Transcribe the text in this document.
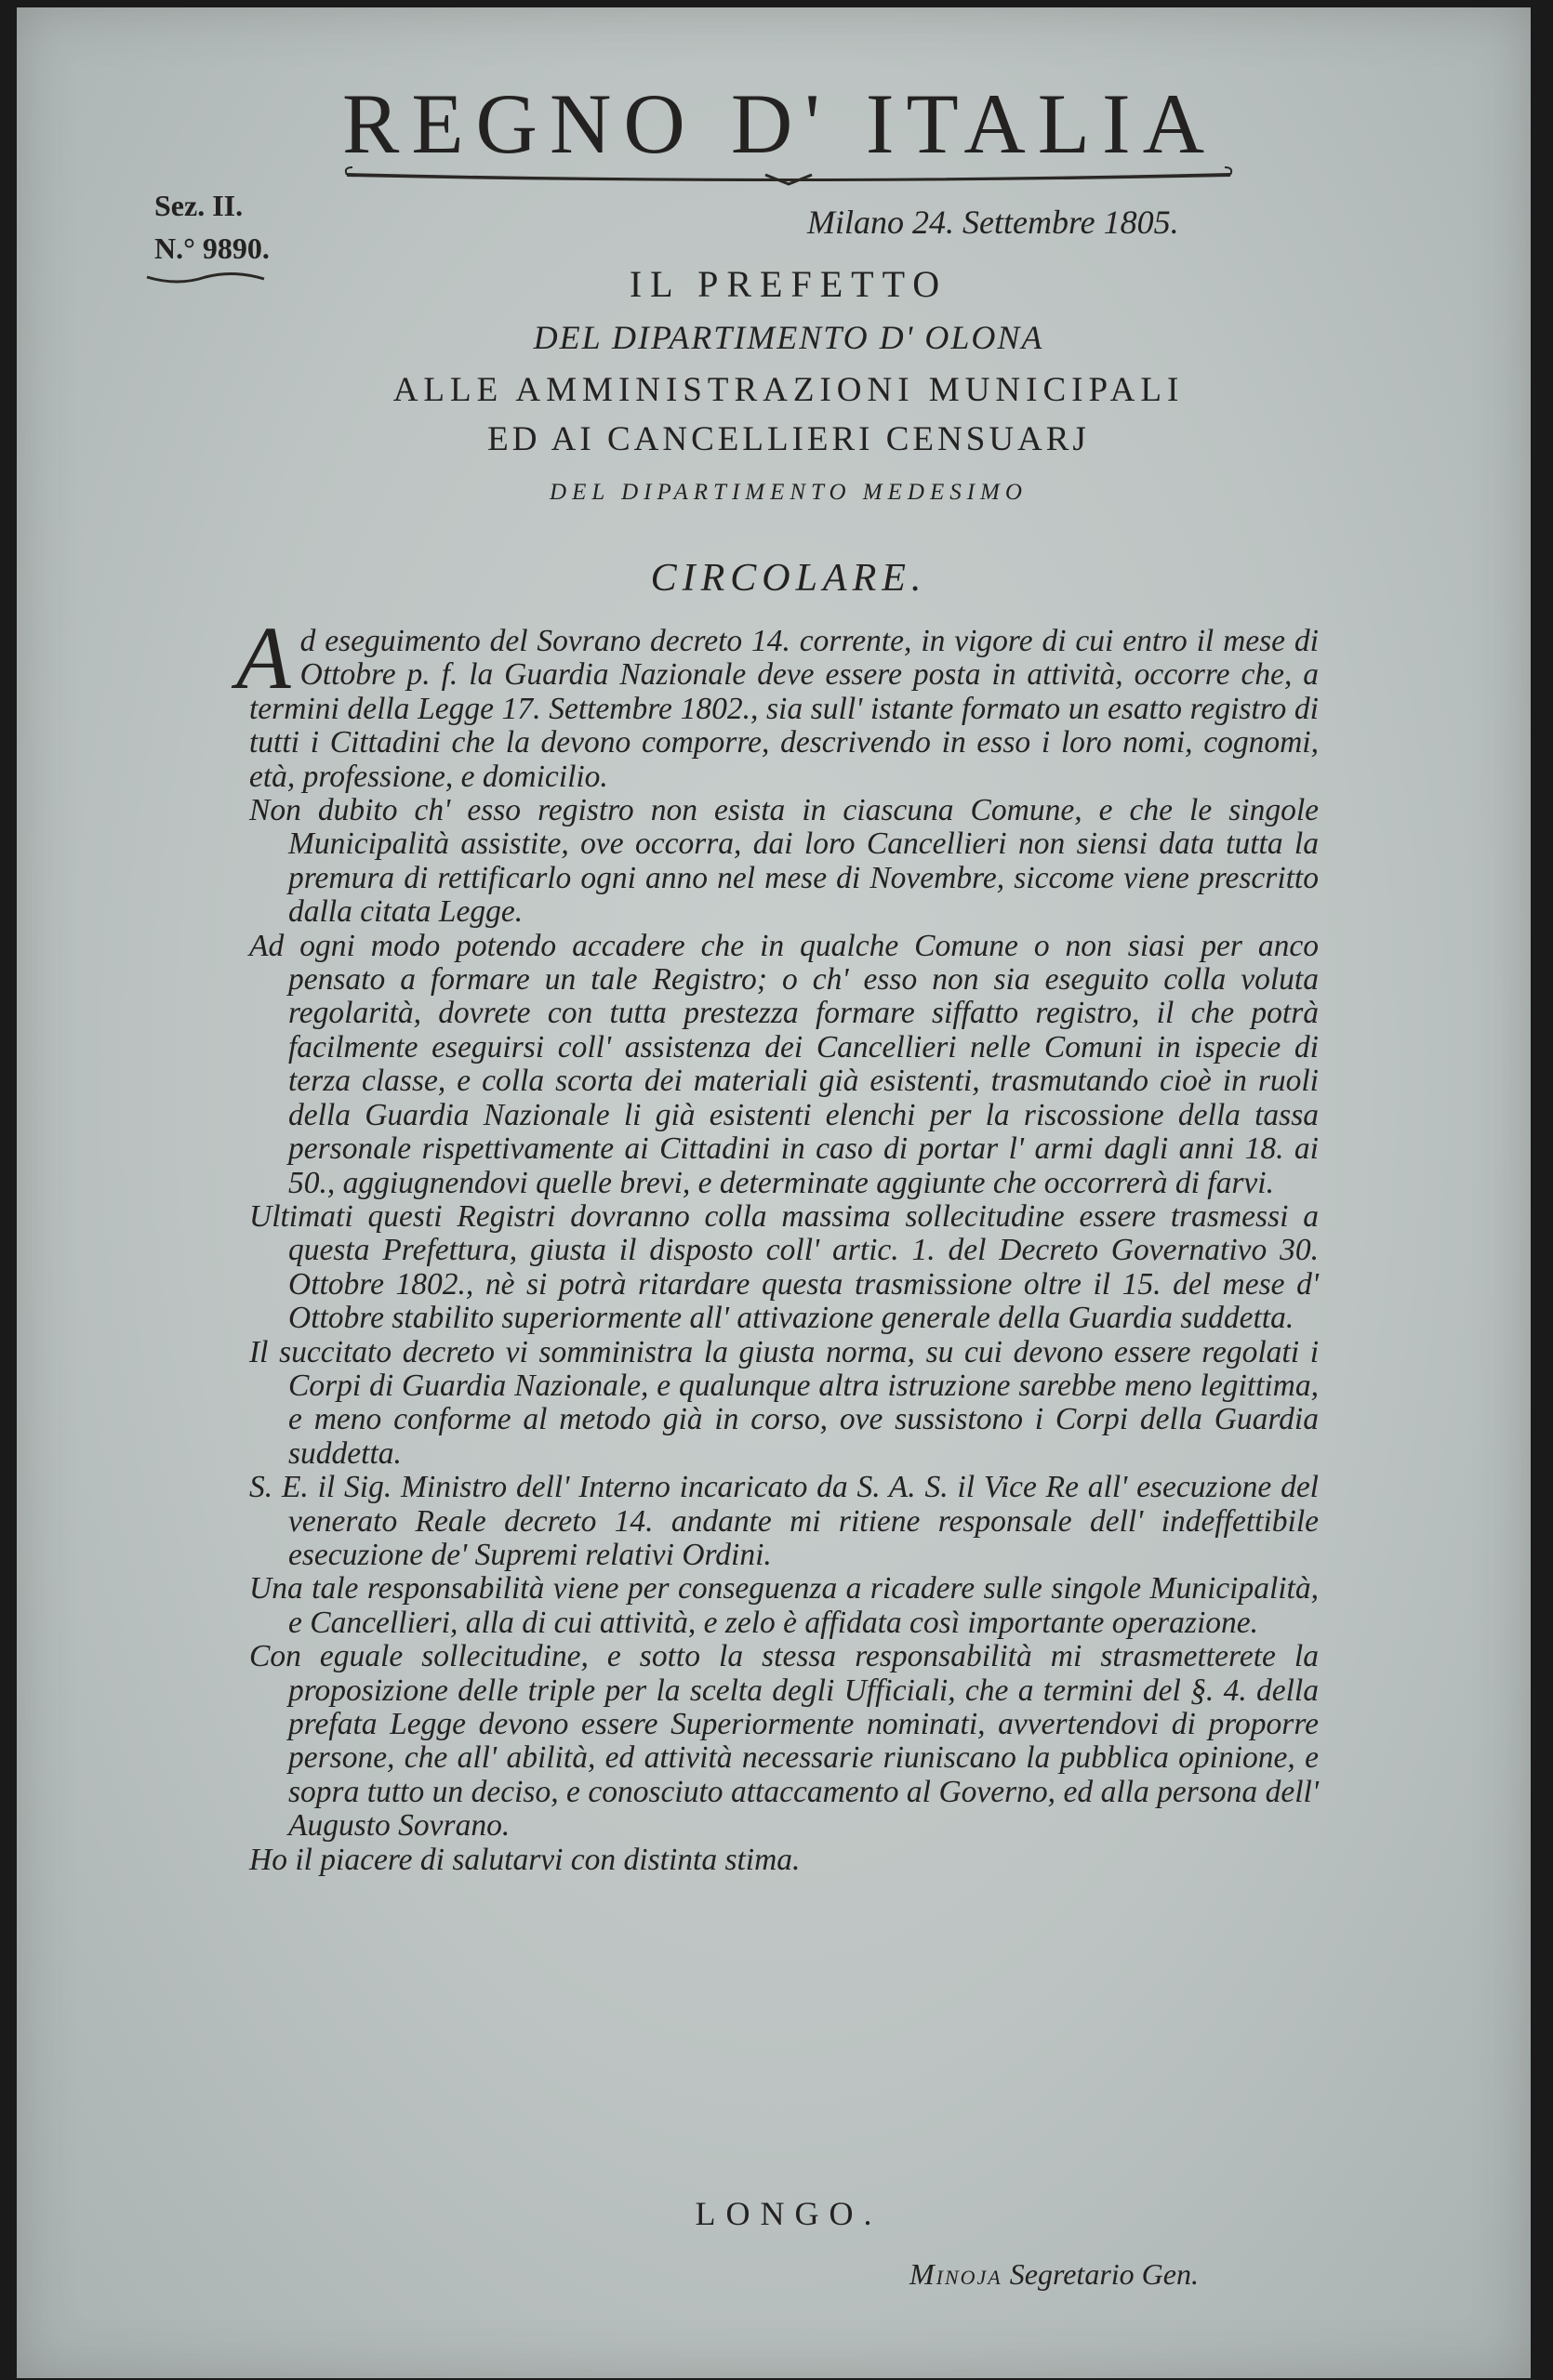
REGNO D' ITALIA
Sez. II.
N.° 9890.
Milano 24. Settembre 1805.
IL PREFETTO
DEL DIPARTIMENTO D' OLONA
ALLE AMMINISTRAZIONI MUNICIPALI
ED AI CANCELLIERI CENSUARJ
DEL DIPARTIMENTO MEDESIMO
CIRCOLARE.

Ad eseguimento del Sovrano decreto 14. corrente, in vigore di cui entro il mese di Ottobre p. f. la Guardia Nazionale deve essere posta in attività, occorre che, a termini della Legge 17. Settembre 1802., sia sull' istante formato un esatto registro di tutti i Cittadini che la devono comporre, descrivendo in esso i loro nomi, cognomi, età, professione, e domicilio.

Non dubito ch' esso registro non esista in ciascuna Comune, e che le singole Municipalità assistite, ove occorra, dai loro Cancellieri non siensi data tutta la premura di rettificarlo ogni anno nel mese di Novembre, siccome viene prescritto dalla citata Legge.

Ad ogni modo potendo accadere che in qualche Comune o non siasi per anco pensato a formare un tale Registro; o ch' esso non sia eseguito colla voluta regolarità, dovrete con tutta prestezza formare siffatto registro, il che potrà facilmente eseguirsi coll' assistenza dei Cancellieri nelle Comuni in ispecie di terza classe, e colla scorta dei materiali già esistenti, trasmutando cioè in ruoli della Guardia Nazionale li già esistenti elenchi per la riscossione della tassa personale rispettivamente ai Cittadini in caso di portar l' armi dagli anni 18. ai 50., aggiugnendovi quelle brevi, e determinate aggiunte che occorrerà di farvi.

Ultimati questi Registri dovranno colla massima sollecitudine essere trasmessi a questa Prefettura, giusta il disposto coll' artic. 1. del Decreto Governativo 30. Ottobre 1802., nè si potrà ritardare questa trasmissione oltre il 15. del mese d' Ottobre stabilito superiormente all' attivazione generale della Guardia suddetta.

Il succitato decreto vi somministra la giusta norma, su cui devono essere regolati i Corpi di Guardia Nazionale, e qualunque altra istruzione sarebbe meno legittima, e meno conforme al metodo già in corso, ove sussistono i Corpi della Guardia suddetta.

S. E. il Sig. Ministro dell' Interno incaricato da S. A. S. il Vice Re all' esecuzione del venerato Reale decreto 14. andante mi ritiene responsale dell' indeffettibile esecuzione de' Supremi relativi Ordini.

Una tale responsabilità viene per conseguenza a ricadere sulle singole Municipalità, e Cancellieri, alla di cui attività, e zelo è affidata così importante operazione.

Con eguale sollecitudine, e sotto la stessa responsabilità mi strasmetterete la proposizione delle triple per la scelta degli Ufficiali, che a termini del §. 4. della prefata Legge devono essere Superiormente nominati, avvertendovi di proporre persone, che all' abilità, ed attività necessarie riuniscano la pubblica opinione, e sopra tutto un deciso, e conosciuto attaccamento al Governo, ed alla persona dell' Augusto Sovrano.

Ho il piacere di salutarvi con distinta stima.

LONGO.
Minoja Segretario Gen.
